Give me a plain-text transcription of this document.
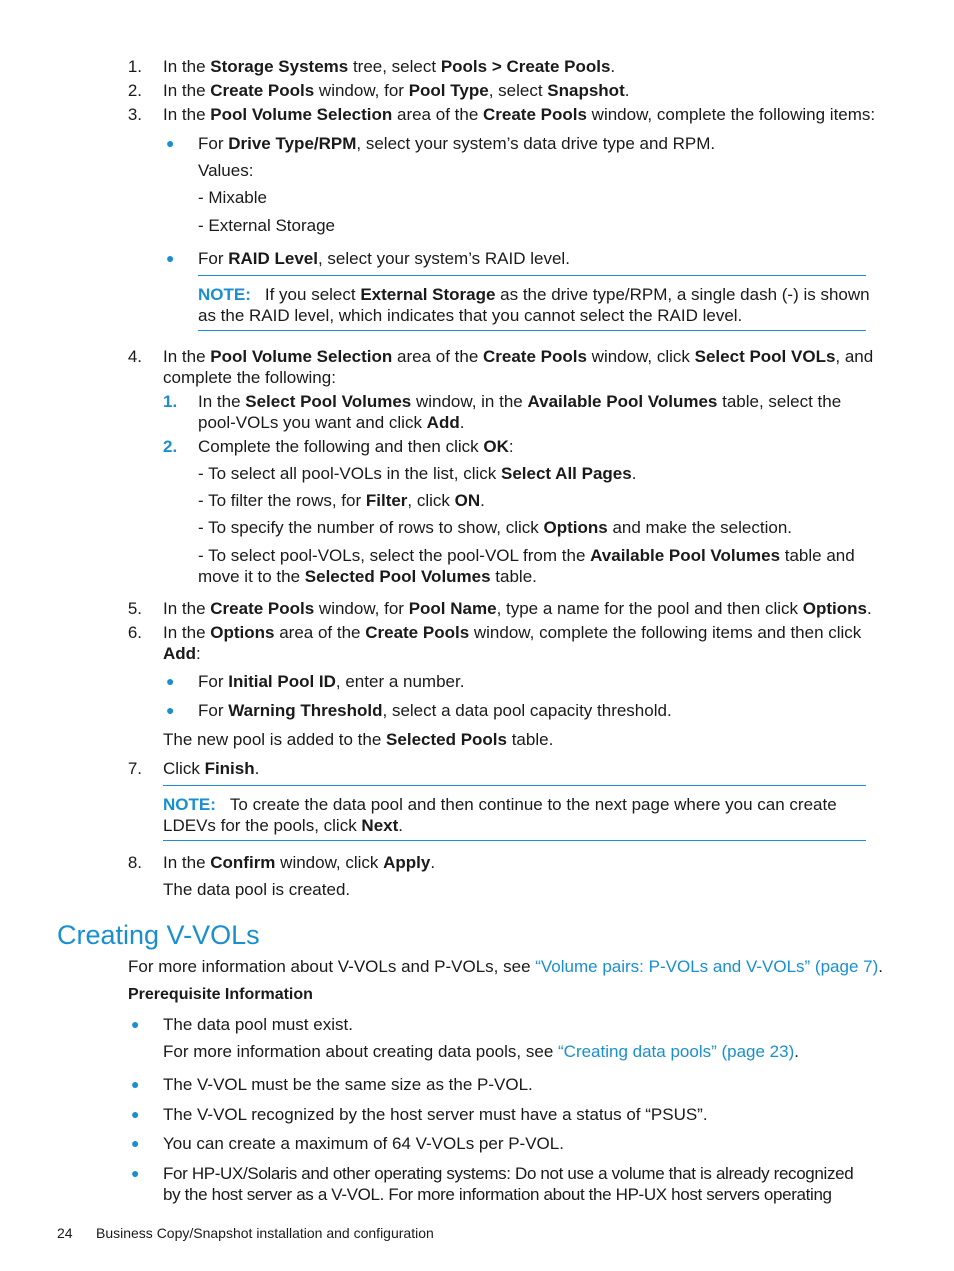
1. In the Storage Systems tree, select Pools > Create Pools.
2. In the Create Pools window, for Pool Type, select Snapshot.
3. In the Pool Volume Selection area of the Create Pools window, complete the following items:
● For Drive Type/RPM, select your system’s data drive type and RPM.
Values:
- Mixable
- External Storage
● For RAID Level, select your system’s RAID level.
NOTE: If you select External Storage as the drive type/RPM, a single dash (-) is shown
as the RAID level, which indicates that you cannot select the RAID level.
4. In the Pool Volume Selection area of the Create Pools window, click Select Pool VOLs, and
complete the following:
1.	In the Select Pool Volumes window, in the Available Pool Volumes table, select the
pool-VOLs you want and click Add.
2.	Complete the following and then click OK:
- To select all pool-VOLs in the list, click Select All Pages.
- To filter the rows, for Filter, click ON.
- To specify the number of rows to show, click Options and make the selection.
- To select pool-VOLs, select the pool-VOL from the Available Pool Volumes table and
move it to the Selected Pool Volumes table.
5. In the Create Pools window, for Pool Name, type a name for the pool and then click Options.
6. In the Options area of the Create Pools window, complete the following items and then click
Add:
● For Initial Pool ID, enter a number.
● For Warning Threshold, select a data pool capacity threshold.
The new pool is added to the Selected Pools table.
7. Click Finish.
NOTE: To create the data pool and then continue to the next page where you can create
LDEVs for the pools, click Next.
8. In the Confirm window, click Apply.
The data pool is created.
Creating V-VOLs
For more information about V-VOLs and P-VOLs, see “Volume pairs: P-VOLs and V-VOLs” (page 7).
Prerequisite Information
● The data pool must exist.
For more information about creating data pools, see “Creating data pools” (page 23).
● The V-VOL must be the same size as the P-VOL.
● The V-VOL recognized by the host server must have a status of “PSUS”.
● You can create a maximum of 64 V-VOLs per P-VOL.
● For HP-UX/Solaris and other operating systems: Do not use a volume that is already recognized
by the host server as a V-VOL. For more information about the HP-UX host servers operating
24 Business Copy/Snapshot installation and configuration
